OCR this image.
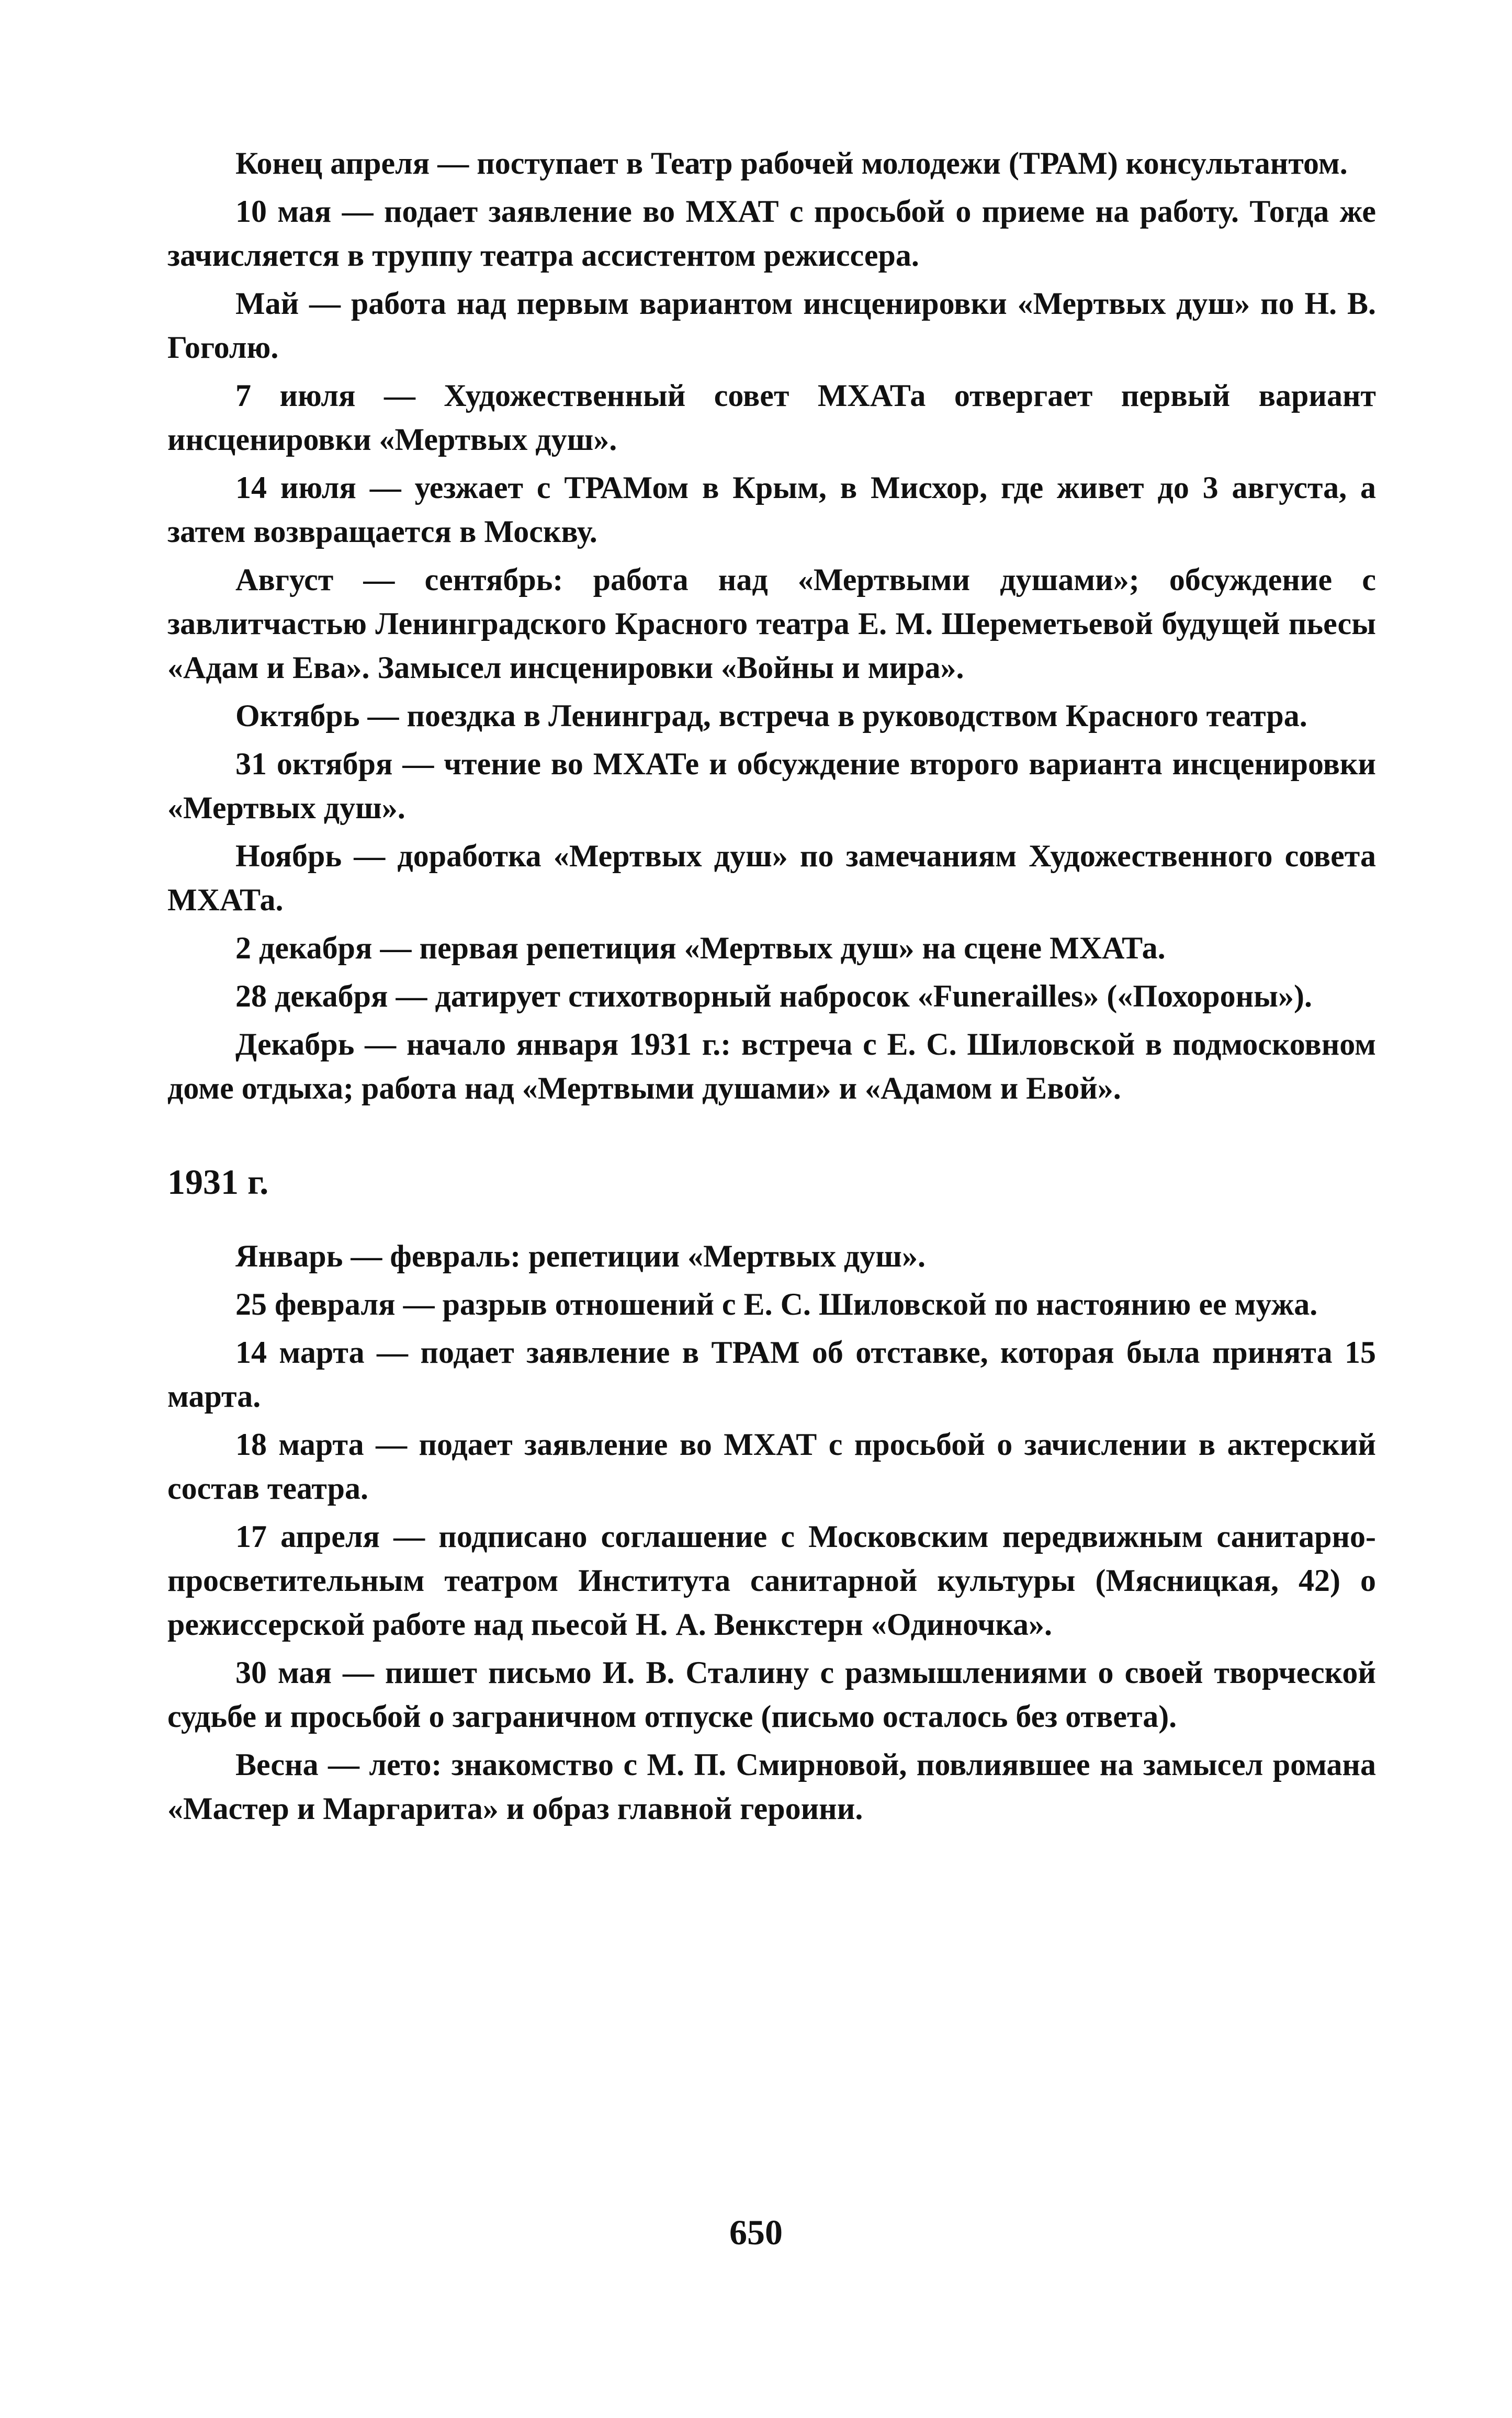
Конец апреля — поступает в Театр рабочей молодежи (ТРАМ) консультантом.

10 мая — подает заявление во МХАТ с просьбой о приеме на работу. Тогда же зачисляется в труппу театра ассистентом режиссера.

Май — работа над первым вариантом инсценировки «Мертвых душ» по Н. В. Гоголю.

7 июля — Художественный совет МХАТа отвергает первый вариант инсценировки «Мертвых душ».

14 июля — уезжает с ТРАМом в Крым, в Мисхор, где живет до 3 августа, а затем возвращается в Москву.

Август — сентябрь: работа над «Мертвыми душами»; обсуждение с завлитчастью Ленинградского Красного театра Е. М. Шереметьевой будущей пьесы «Адам и Ева». Замысел инсценировки «Войны и мира».

Октябрь — поездка в Ленинград, встреча в руководством Красного театра.

31 октября — чтение во МХАТе и обсуждение второго варианта инсценировки «Мертвых душ».

Ноябрь — доработка «Мертвых душ» по замечаниям Художественного совета МХАТа.

2 декабря — первая репетиция «Мертвых душ» на сцене МХАТа.

28 декабря — датирует стихотворный набросок «Funerailles» («Похороны»).

Декабрь — начало января 1931 г.: встреча с Е. С. Шиловской в подмосковном доме отдыха; работа над «Мертвыми душами» и «Адамом и Евой».

1931 г.

Январь — февраль: репетиции «Мертвых душ».

25 февраля — разрыв отношений с Е. С. Шиловской по настоянию ее мужа.

14 марта — подает заявление в ТРАМ об отставке, которая была принята 15 марта.

18 марта — подает заявление во МХАТ с просьбой о зачислении в актерский состав театра.

17 апреля — подписано соглашение с Московским передвижным санитарно-просветительным театром Института санитарной культуры (Мясницкая, 42) о режиссерской работе над пьесой Н. А. Венкстерн «Одиночка».

30 мая — пишет письмо И. В. Сталину с размышлениями о своей творческой судьбе и просьбой о заграничном отпуске (письмо осталось без ответа).

Весна — лето: знакомство с М. П. Смирновой, повлиявшее на замысел романа «Мастер и Маргарита» и образ главной героини.

650
